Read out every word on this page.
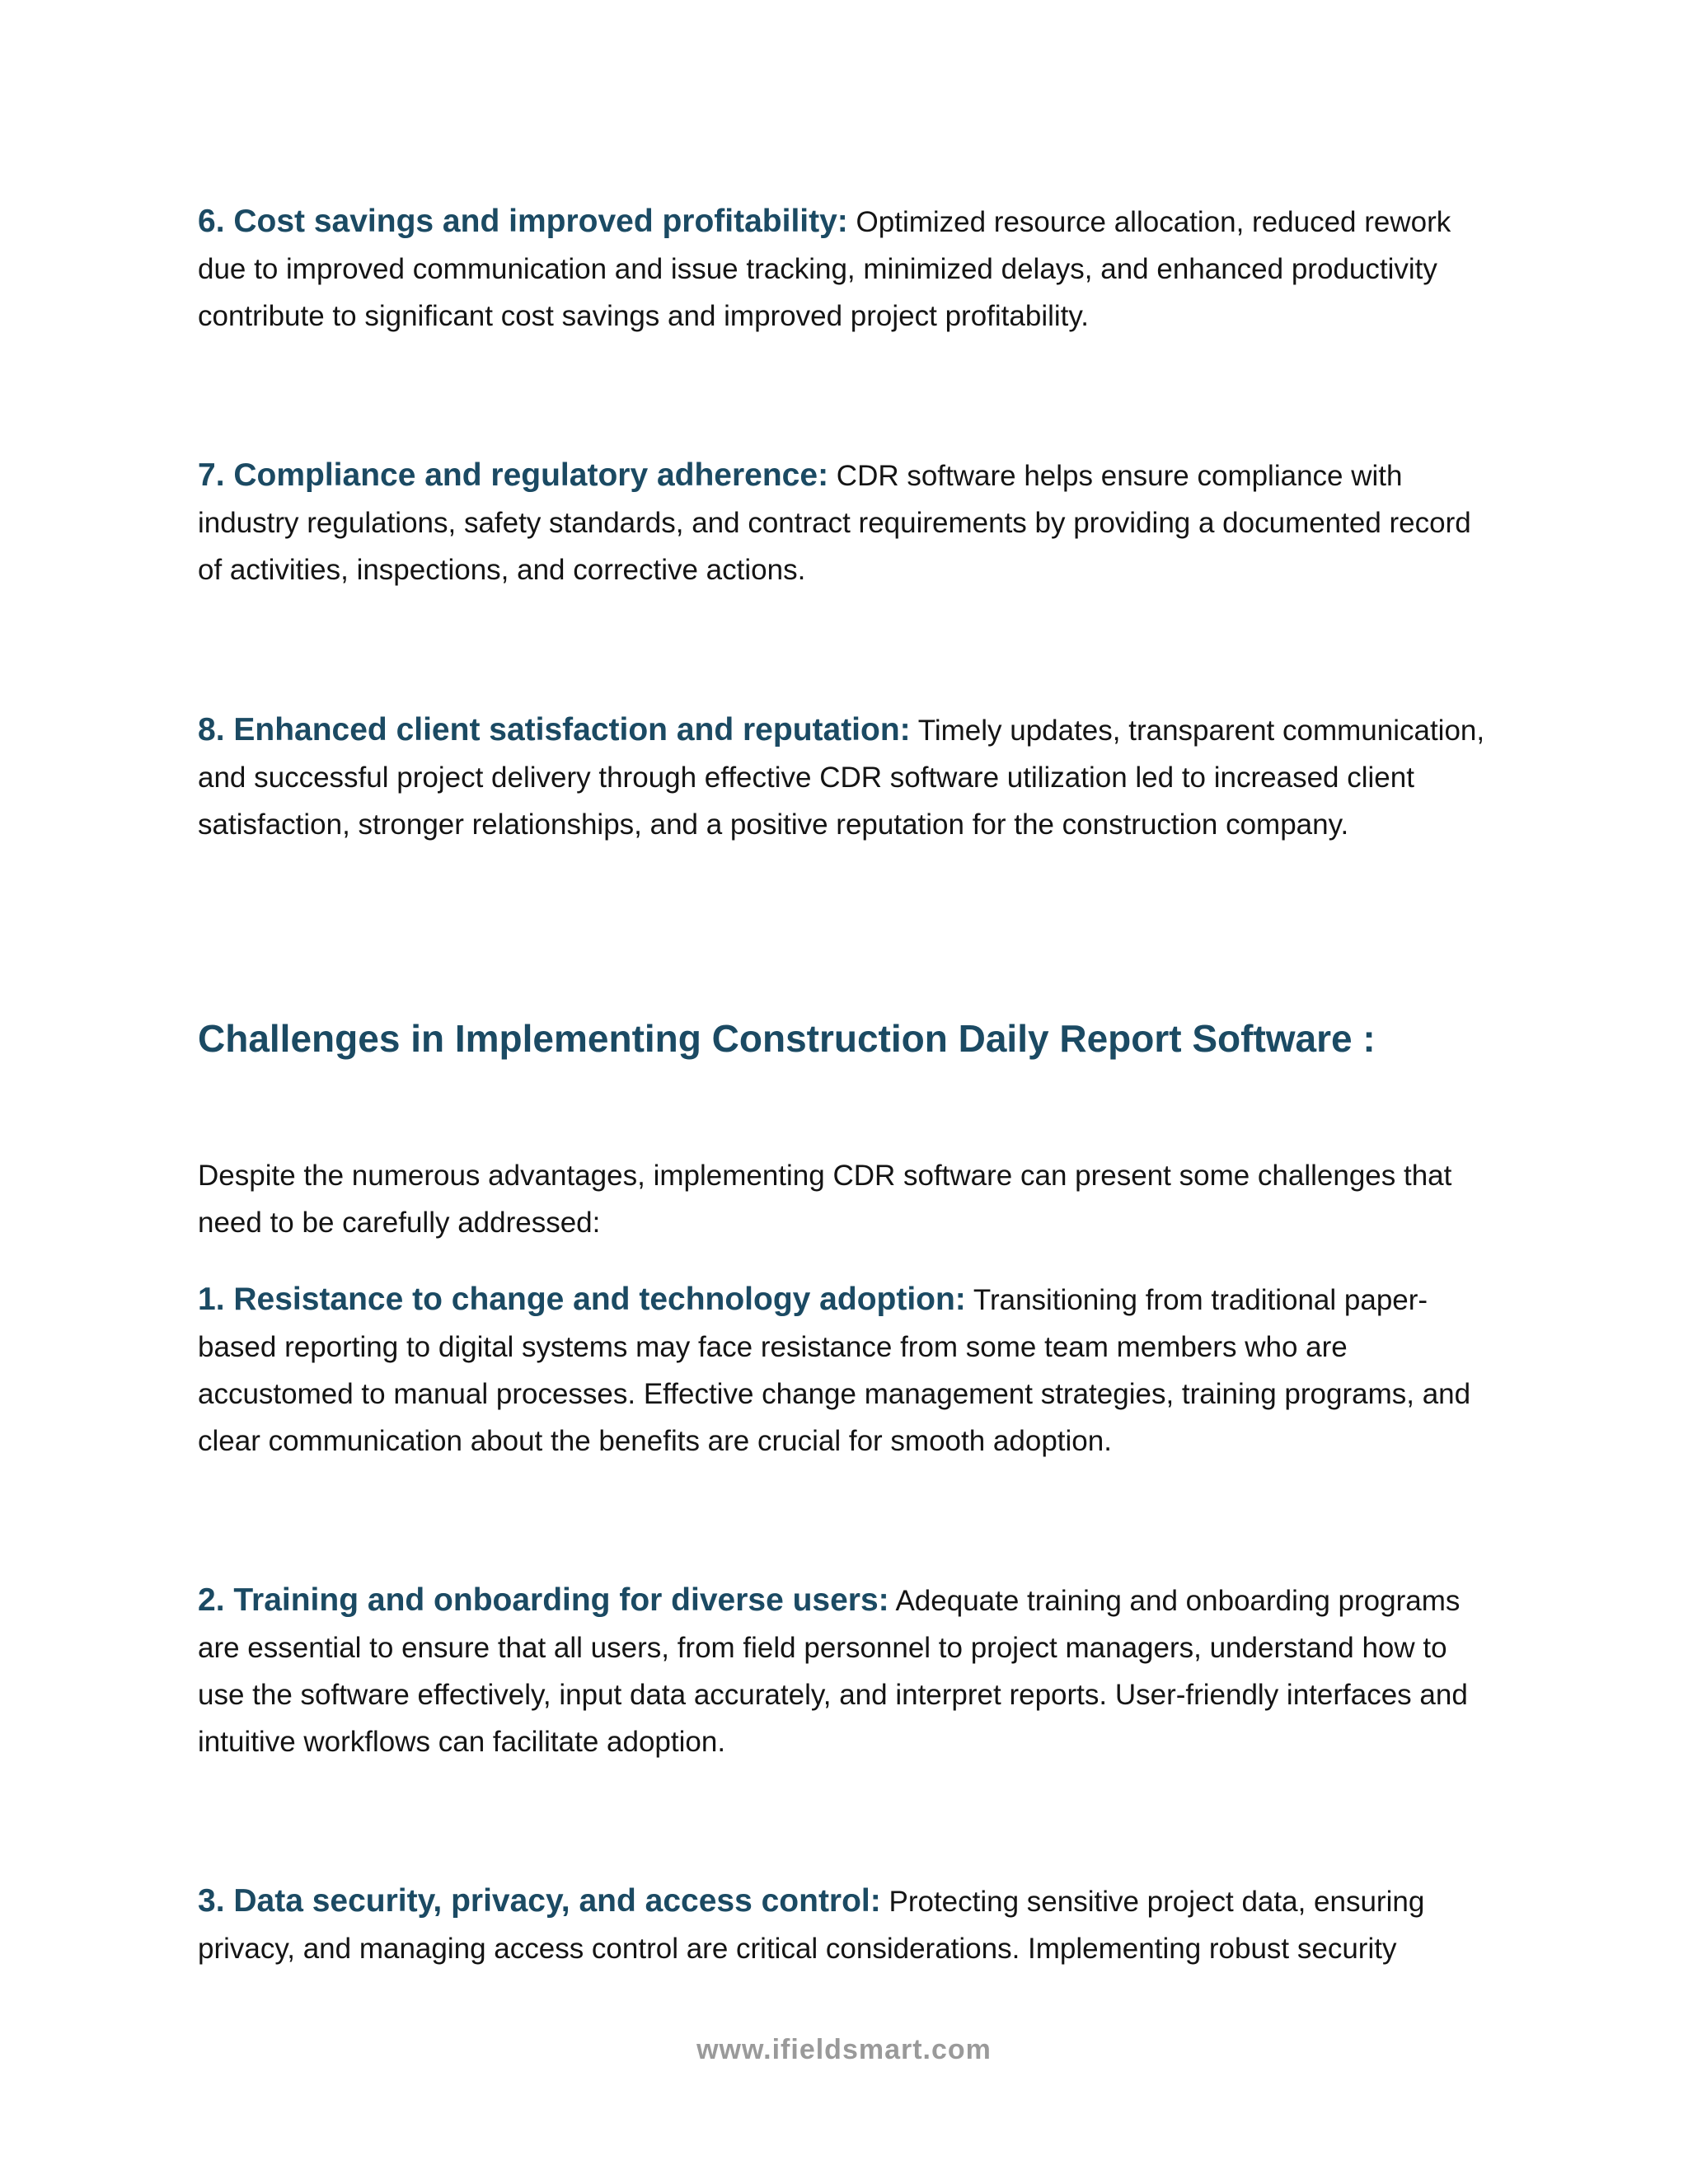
6. Cost savings and improved profitability: Optimized resource allocation, reduced rework due to improved communication and issue tracking, minimized delays, and enhanced productivity contribute to significant cost savings and improved project profitability.

7. Compliance and regulatory adherence: CDR software helps ensure compliance with industry regulations, safety standards, and contract requirements by providing a documented record of activities, inspections, and corrective actions.

8. Enhanced client satisfaction and reputation: Timely updates, transparent communication, and successful project delivery through effective CDR software utilization led to increased client satisfaction, stronger relationships, and a positive reputation for the construction company.

Challenges in Implementing Construction Daily Report Software :

Despite the numerous advantages, implementing CDR software can present some challenges that need to be carefully addressed:

1. Resistance to change and technology adoption: Transitioning from traditional paper-based reporting to digital systems may face resistance from some team members who are accustomed to manual processes. Effective change management strategies, training programs, and clear communication about the benefits are crucial for smooth adoption.

2. Training and onboarding for diverse users: Adequate training and onboarding programs are essential to ensure that all users, from field personnel to project managers, understand how to use the software effectively, input data accurately, and interpret reports. User-friendly interfaces and intuitive workflows can facilitate adoption.

3. Data security, privacy, and access control: Protecting sensitive project data, ensuring privacy, and managing access control are critical considerations. Implementing robust security

www.ifieldsmart.com
